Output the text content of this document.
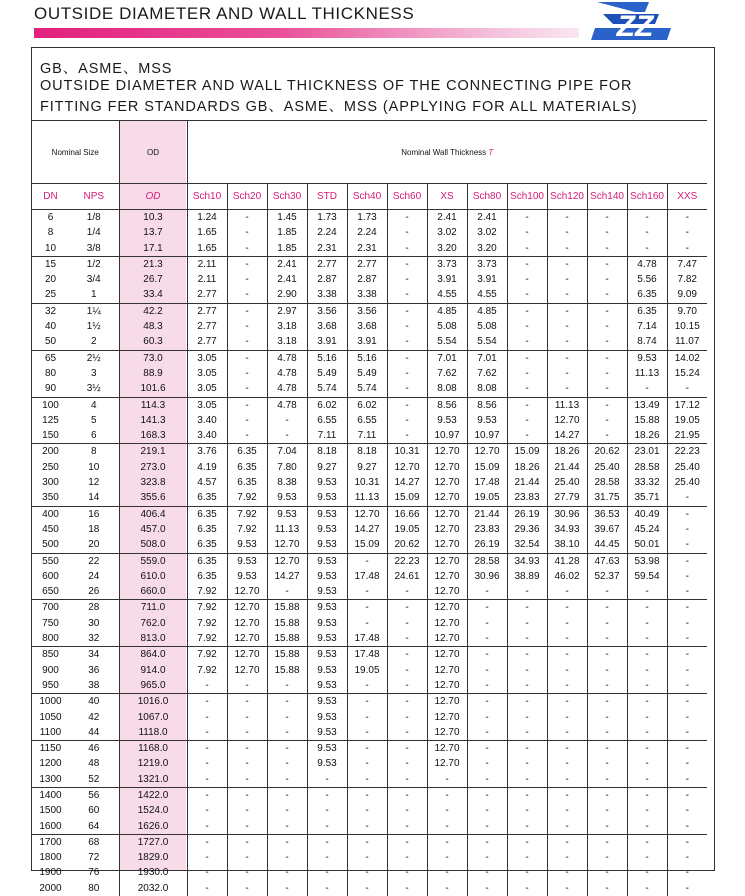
OUTSIDE DIAMETER AND WALL THICKNESS	ZZ
GB、ASME、MSS
OUTSIDE DIAMETER AND WALL THICKNESS OF THE CONNECTING PIPE FOR
FITTING FER STANDARDS GB、ASME、MSS (APPLYING FOR ALL MATERIALS)
Nominal Size		OD	Nominal Wall Thickness T												
DN	NPS	OD	Sch10	Sch20	Sch30	STD	Sch40	Sch60	XS	Sch80	Sch100	Sch120	Sch140	Sch160	XXS
6	1/8	10.3	1.24	-	1.45	1.73	1.73	-	2.41	2.41	-	-	-	-	-
8	1/4	13.7	1.65	-	1.85	2.24	2.24	-	3.02	3.02	-	-	-	-	-
10	3/8	17.1	1.65	-	1.85	2.31	2.31	-	3.20	3.20	-	-	-	-	-
15	1/2	21.3	2.11	-	2.41	2.77	2.77	-	3.73	3.73	-	-	-	4.78	7.47
20	3/4	26.7	2.11	-	2.41	2.87	2.87	-	3.91	3.91	-	-	-	5.56	7.82
25	1	33.4	2.77	-	2.90	3.38	3.38	-	4.55	4.55	-	-	-	6.35	9.09
32	1¼	42.2	2.77	-	2.97	3.56	3.56	-	4.85	4.85	-	-	-	6.35	9.70
40	1½	48.3	2.77	-	3.18	3.68	3.68	-	5.08	5.08	-	-	-	7.14	10.15
50	2	60.3	2.77	-	3.18	3.91	3.91	-	5.54	5.54	-	-	-	8.74	11.07
65	2½	73.0	3.05	-	4.78	5.16	5.16	-	7.01	7.01	-	-	-	9.53	14.02
80	3	88.9	3.05	-	4.78	5.49	5.49	-	7.62	7.62	-	-	-	11.13	15.24
90	3½	101.6	3.05	-	4.78	5.74	5.74	-	8.08	8.08	-	-	-	-	-
100	4	114.3	3.05	-	4.78	6.02	6.02	-	8.56	8.56	-	11.13	-	13.49	17.12
125	5	141.3	3.40	-	-	6.55	6.55	-	9.53	9.53	-	12.70	-	15.88	19.05
150	6	168.3	3.40	-	-	7.11	7.11	-	10.97	10.97	-	14.27	-	18.26	21.95
200	8	219.1	3.76	6.35	7.04	8.18	8.18	10.31	12.70	12.70	15.09	18.26	20.62	23.01	22.23
250	10	273.0	4.19	6.35	7.80	9.27	9.27	12.70	12.70	15.09	18.26	21.44	25.40	28.58	25.40
300	12	323.8	4.57	6.35	8.38	9.53	10.31	14.27	12.70	17.48	21.44	25.40	28.58	33.32	25.40
350	14	355.6	6.35	7.92	9.53	9.53	11.13	15.09	12.70	19.05	23.83	27.79	31.75	35.71	-
400	16	406.4	6.35	7.92	9.53	9.53	12.70	16.66	12.70	21.44	26.19	30.96	36.53	40.49	-
450	18	457.0	6.35	7.92	11.13	9.53	14.27	19.05	12.70	23.83	29.36	34.93	39.67	45.24	-
500	20	508.0	6.35	9.53	12.70	9.53	15.09	20.62	12.70	26.19	32.54	38.10	44.45	50.01	-
550	22	559.0	6.35	9.53	12.70	9.53	-	22.23	12.70	28.58	34.93	41.28	47.63	53.98	-
600	24	610.0	6.35	9.53	14.27	9.53	17.48	24.61	12.70	30.96	38.89	46.02	52.37	59.54	-
650	26	660.0	7.92	12.70	-	9.53	-	-	12.70	-	-	-	-	-	-
700	28	711.0	7.92	12.70	15.88	9.53	-	-	12.70	-	-	-	-	-	-
750	30	762.0	7.92	12.70	15.88	9.53	-	-	12.70	-	-	-	-	-	-
800	32	813.0	7.92	12.70	15.88	9.53	17.48	-	12.70	-	-	-	-	-	-
850	34	864.0	7.92	12.70	15.88	9.53	17.48	-	12.70	-	-	-	-	-	-
900	36	914.0	7.92	12.70	15.88	9.53	19.05	-	12.70	-	-	-	-	-	-
950	38	965.0	-	-	-	9.53	-	-	12.70	-	-	-	-	-	-
1000	40	1016.0	-	-	-	9.53	-	-	12.70	-	-	-	-	-	-
1050	42	1067.0	-	-	-	9.53	-	-	12.70	-	-	-	-	-	-
1100	44	1118.0	-	-	-	9.53	-	-	12.70	-	-	-	-	-	-
1150	46	1168.0	-	-	-	9.53	-	-	12.70	-	-	-	-	-	-
1200	48	1219.0	-	-	-	9.53	-	-	12.70	-	-	-	-	-	-
1300	52	1321.0	-	-	-	-	-	-	-	-	-	-	-	-	-
1400	56	1422.0	-	-	-	-	-	-	-	-	-	-	-	-	-
1500	60	1524.0	-	-	-	-	-	-	-	-	-	-	-	-	-
1600	64	1626.0	-	-	-	-	-	-	-	-	-	-	-	-	-
1700	68	1727.0	-	-	-	-	-	-	-	-	-	-	-	-	-
1800	72	1829.0	-	-	-	-	-	-	-	-	-	-	-	-	-
1900	76	1930.0	-	-	-	-	-	-	-	-	-	-	-	-	-
2000	80	2032.0	-	-	-	-	-	-	-	-	-	-	-	-	-
